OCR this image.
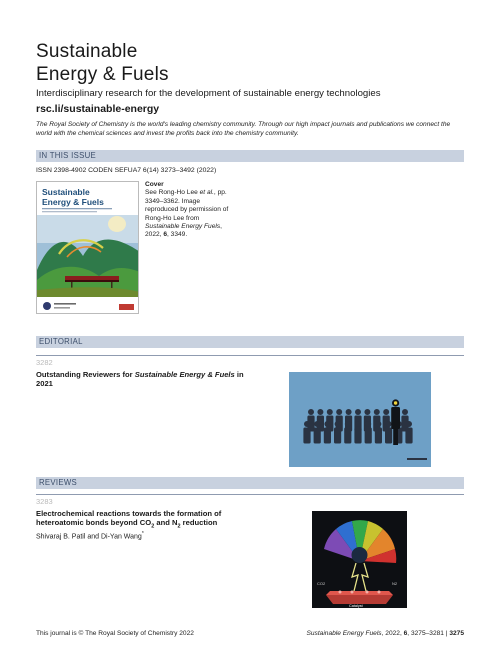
Sustainable
Energy & Fuels
Interdisciplinary research for the development of sustainable energy technologies
rsc.li/sustainable-energy
The Royal Society of Chemistry is the world's leading chemistry community. Through our high impact journals and publications we connect the world with the chemical sciences and invest the profits back into the chemistry community.
IN THIS ISSUE
ISSN 2398-4902 CODEN SEFUA7 6(14) 3273–3492 (2022)
Sustainable
Energy & Fuels
Cover
See Rong-Ho Lee et al., pp. 3349–3362. Image reproduced by permission of Rong-Ho Lee from Sustainable Energy Fuels, 2022, 6, 3349.
EDITORIAL
3282
Outstanding Reviewers for Sustainable Energy & Fuels in 2021
REVIEWS
3283
Electrochemical reactions towards the formation of
heteroatomic bonds beyond $CO_2$ and $N_2$ reduction
Shivaraj B. Patil and Di-Yan Wang*
CO2	N2
Catalyst
This journal is © The Royal Society of Chemistry 2022	Sustainable Energy Fuels, 2022, 6, 3275–3281 | 3275
